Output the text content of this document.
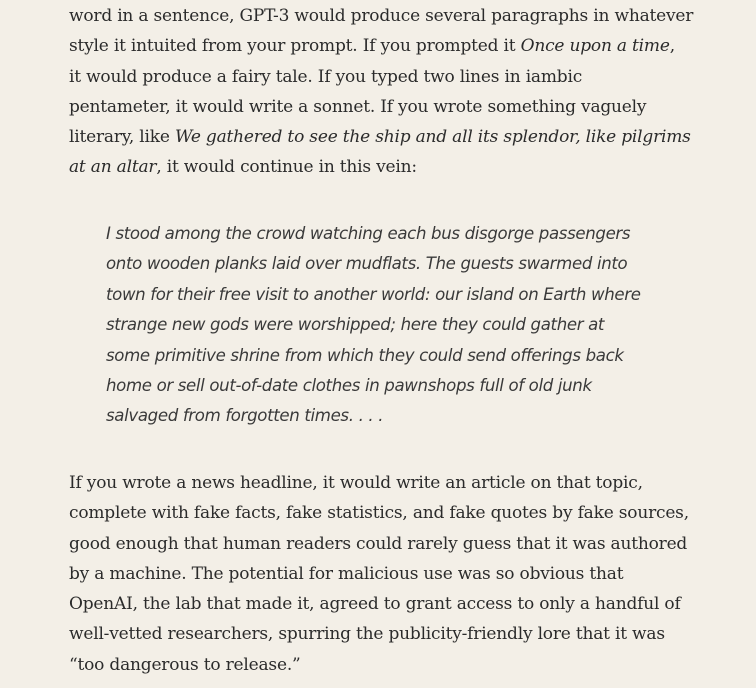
word in a sentence, GPT-3 would produce several paragraphs in whatever
style it intuited from your prompt. If you prompted it Once upon a time,
it would produce a fairy tale. If you typed two lines in iambic
pentameter, it would write a sonnet. If you wrote something vaguely
literary, like We gathered to see the ship and all its splendor, like pilgrims
at an altar, it would continue in this vein:

I stood among the crowd watching each bus disgorge passengers
onto wooden planks laid over mudflats. The guests swarmed into
town for their free visit to another world: our island on Earth where
strange new gods were worshipped; here they could gather at
some primitive shrine from which they could send offerings back
home or sell out-of-date clothes in pawnshops full of old junk
salvaged from forgotten times. . . .

If you wrote a news headline, it would write an article on that topic,
complete with fake facts, fake statistics, and fake quotes by fake sources,
good enough that human readers could rarely guess that it was authored
by a machine. The potential for malicious use was so obvious that
OpenAI, the lab that made it, agreed to grant access to only a handful of
well-vetted researchers, spurring the publicity-friendly lore that it was
“too dangerous to release.”
